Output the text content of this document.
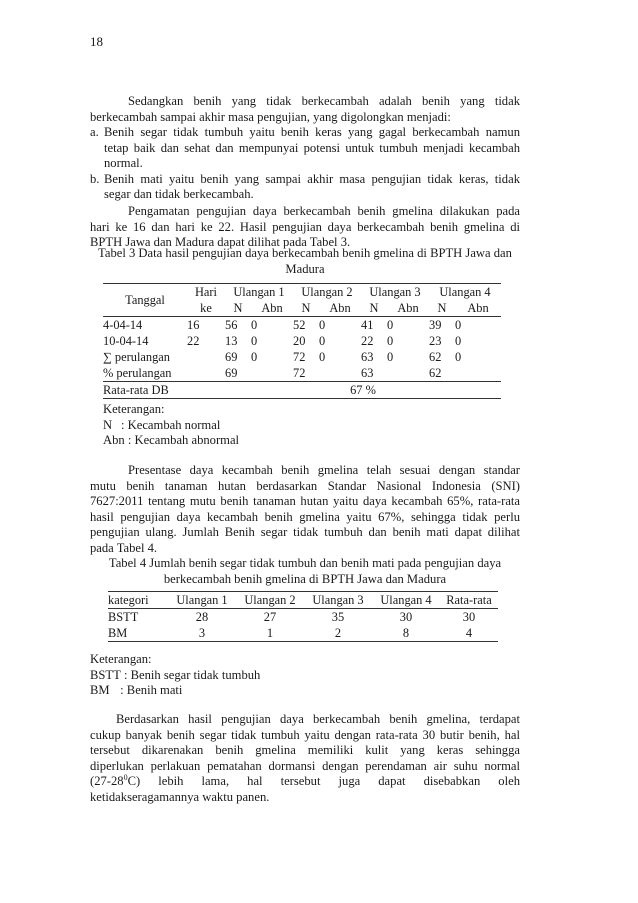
18
Sedangkan benih yang tidak berkecambah adalah benih yang tidak
berkecambah sampai akhir masa pengujian, yang digolongkan menjadi:
a. Benih segar tidak tumbuh yaitu benih keras yang gagal berkecambah namun
tetap baik dan sehat dan mempunyai potensi untuk tumbuh menjadi kecambah
normal.
b. Benih mati yaitu benih yang sampai akhir masa pengujian tidak keras, tidak
segar dan tidak berkecambah.
Pengamatan pengujian daya berkecambah benih gmelina dilakukan pada
hari ke 16 dan hari ke 22. Hasil pengujian daya berkecambah benih gmelina di
BPTH Jawa dan Madura dapat dilihat pada Tabel 3.
Tabel 3 Data hasil pengujian daya berkecambah benih gmelina di BPTH Jawa dan
Madura
Tanggal	Hari	Ulangan 1		Ulangan 2		Ulangan 3		Ulangan 4	
	ke	N	Abn	N	Abn	N	Abn	N	Abn
4-04-14	16	56	0	52	0	41	0	39	0
10-04-14	22	13	0	20	0	22	0	23	0
∑ perulangan		69	0	72	0	63	0	62	0
% perulangan		69		72		63		62	
Rata-rata DB		67 %							
Keterangan:
N : Kecambah normal
Abn : Kecambah abnormal
Presentase daya kecambah benih gmelina telah sesuai dengan standar
mutu benih tanaman hutan berdasarkan Standar Nasional Indonesia (SNI)
7627:2011 tentang mutu benih tanaman hutan yaitu daya kecambah 65%, rata-rata
hasil pengujian daya kecambah benih gmelina yaitu 67%, sehingga tidak perlu
pengujian ulang. Jumlah Benih segar tidak tumbuh dan benih mati dapat dilihat
pada Tabel 4.
Tabel 4 Jumlah benih segar tidak tumbuh dan benih mati pada pengujian daya
berkecambah benih gmelina di BPTH Jawa dan Madura
kategori	Ulangan 1	Ulangan 2	Ulangan 3	Ulangan 4	Rata-rata
BSTT	28	27	35	30	30
BM	3	1	2	8	4
Keterangan:
BSTT : Benih segar tidak tumbuh
BM : Benih mati
Berdasarkan hasil pengujian daya berkecambah benih gmelina, terdapat
cukup banyak benih segar tidak tumbuh yaitu dengan rata-rata 30 butir benih, hal
tersebut dikarenakan benih gmelina memiliki kulit yang keras sehingga
diperlukan perlakuan pematahan dormansi dengan perendaman air suhu normal
$(27-28^0C)$ lebih lama, hal tersebut juga dapat disebabkan oleh
ketidakseragamannya waktu panen.
